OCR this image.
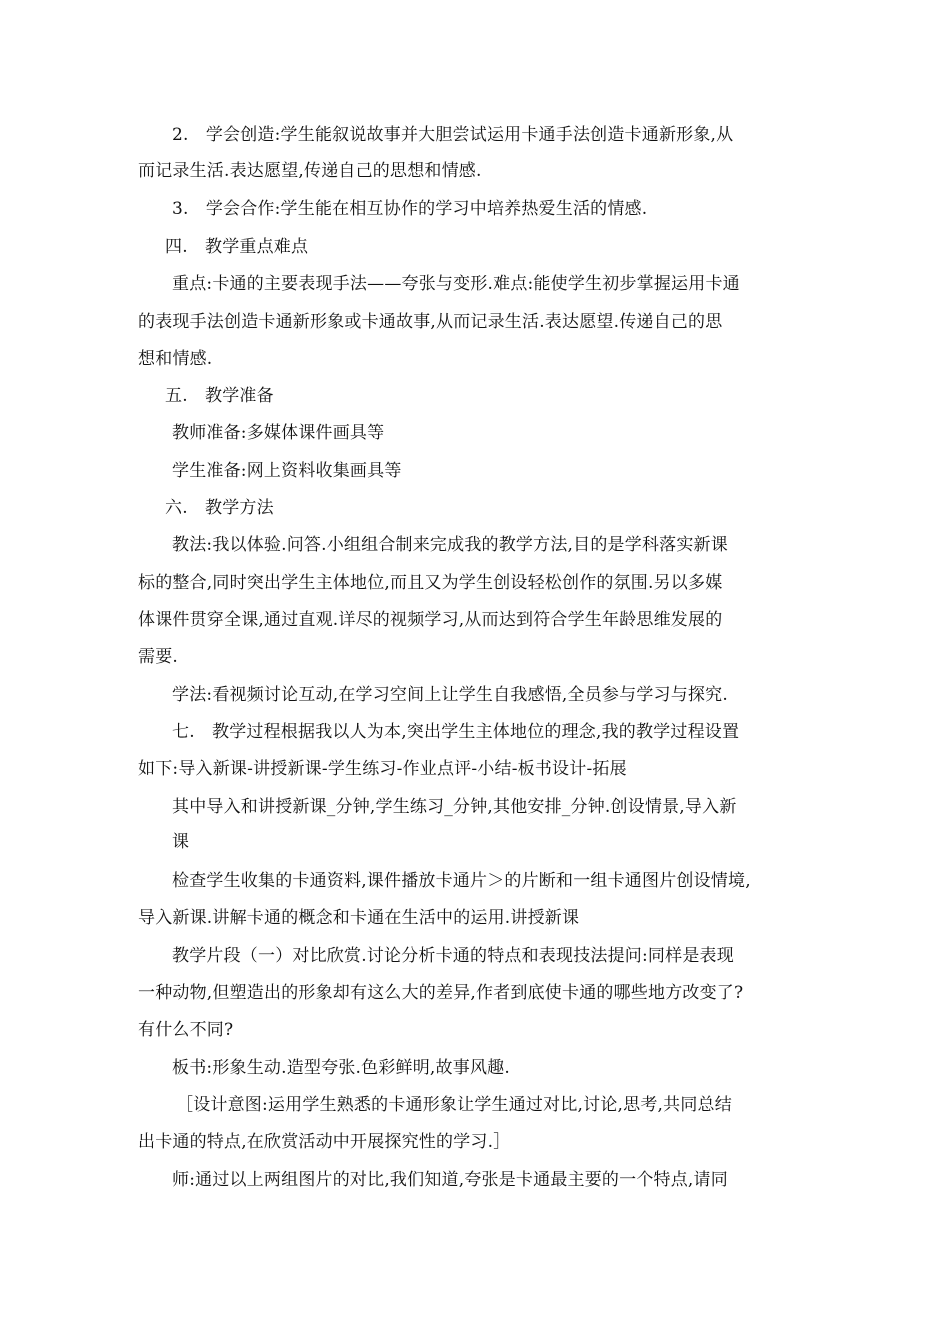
2.　学会创造:学生能叙说故事并大胆尝试运用卡通手法创造卡通新形象,从
而记录生活.表达愿望,传递自己的思想和情感.
3.　学会合作:学生能在相互协作的学习中培养热爱生活的情感.
四.　教学重点难点
重点:卡通的主要表现手法——夸张与变形.难点:能使学生初步掌握运用卡通
的表现手法创造卡通新形象或卡通故事,从而记录生活.表达愿望.传递自己的思
想和情感.
五.　教学准备
教师准备:多媒体课件画具等
学生准备:网上资料收集画具等
六.　教学方法
教法:我以体验.问答.小组组合制来完成我的教学方法,目的是学科落实新课
标的整合,同时突出学生主体地位,而且又为学生创设轻松创作的氛围.另以多媒
体课件贯穿全课,通过直观.详尽的视频学习,从而达到符合学生年龄思维发展的
需要.
学法:看视频讨论互动,在学习空间上让学生自我感悟,全员参与学习与探究.
七.　教学过程根据我以人为本,突出学生主体地位的理念,我的教学过程设置
如下:导入新课-讲授新课-学生练习-作业点评-小结-板书设计-拓展
其中导入和讲授新课_分钟,学生练习_分钟,其他安排_分钟.创设情景,导入新
课
检查学生收集的卡通资料,课件播放卡通片＞的片断和一组卡通图片创设情境,
导入新课.讲解卡通的概念和卡通在生活中的运用.讲授新课
教学片段（一）对比欣赏.讨论分析卡通的特点和表现技法提问:同样是表现
一种动物,但塑造出的形象却有这么大的差异,作者到底使卡通的哪些地方改变了?
有什么不同?
板书:形象生动.造型夸张.色彩鲜明,故事风趣.
［设计意图:运用学生熟悉的卡通形象让学生通过对比,讨论,思考,共同总结
出卡通的特点,在欣赏活动中开展探究性的学习.］
师:通过以上两组图片的对比,我们知道,夸张是卡通最主要的一个特点,请同
